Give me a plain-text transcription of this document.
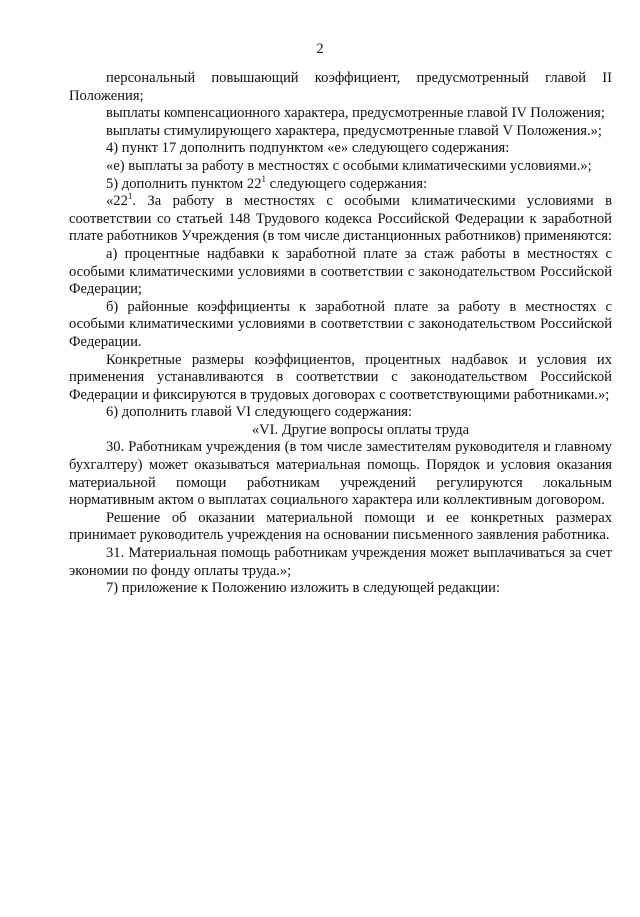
2

персональный повышающий коэффициент, предусмотренный главой II Положения;

выплаты компенсационного характера, предусмотренные главой IV Положения;

выплаты стимулирующего характера, предусмотренные главой V Положения.»;

4) пункт 17 дополнить подпунктом «е» следующего содержания:

«е) выплаты за работу в местностях с особыми климатическими условиями.»;

5) дополнить пунктом $22^1$ следующего содержания:

«$22^1$. За работу в местностях с особыми климатическими условиями в соответствии со статьей 148 Трудового кодекса Российской Федерации к заработной плате работников Учреждения (в том числе дистанционных работников) применяются:

а) процентные надбавки к заработной плате за стаж работы в местностях с особыми климатическими условиями в соответствии с законодательством Российской Федерации;

б) районные коэффициенты к заработной плате за работу в местностях с особыми климатическими условиями в соответствии с законодательством Российской Федерации.

Конкретные размеры коэффициентов, процентных надбавок и условия их применения устанавливаются в соответствии с законодательством Российской Федерации и фиксируются в трудовых договорах с соответствующими работниками.»;

6) дополнить главой VI следующего содержания:

«VI. Другие вопросы оплаты труда

30. Работникам учреждения (в том числе заместителям руководителя и главному бухгалтеру) может оказываться материальная помощь. Порядок и условия оказания материальной помощи работникам учреждений регулируются локальным нормативным актом о выплатах социального характера или коллективным договором.

Решение об оказании материальной помощи и ее конкретных размерах принимает руководитель учреждения на основании письменного заявления работника.

31. Материальная помощь работникам учреждения может выплачиваться за счет экономии по фонду оплаты труда.»;

7) приложение к Положению изложить в следующей редакции:
